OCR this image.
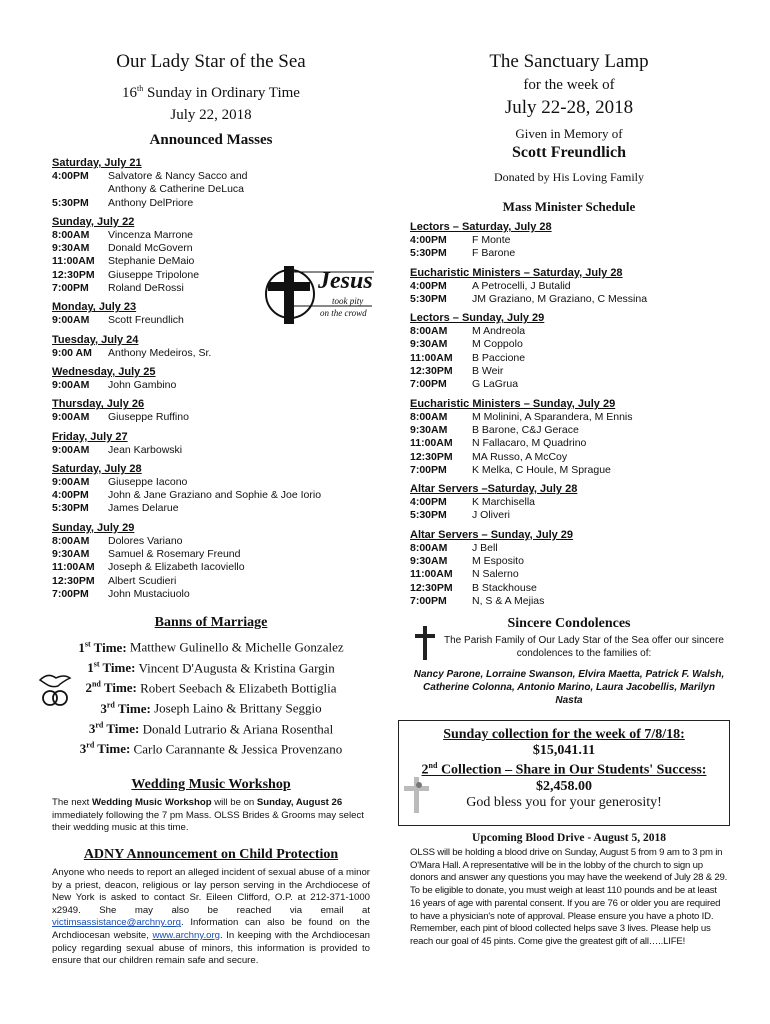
Our Lady Star of the Sea

16th Sunday in Ordinary Time

July 22, 2018

Announced Masses

Saturday, July 21
4:00PM	Salvatore & Nancy Sacco and
Anthony & Catherine DeLuca
5:30PM	Anthony DelPriore
Sunday, July 22
8:00AM	Vincenza Marrone
9:30AM	Donald McGovern
11:00AM	Stephanie DeMaio
12:30PM	Giuseppe Tripolone
7:00PM	Roland DeRossi
Monday, July 23
9:00AM	Scott Freundlich
Tuesday, July 24
9:00 AM	Anthony Medeiros, Sr.
Wednesday, July 25
9:00AM	John Gambino
Thursday, July 26
9:00AM	Giuseppe Ruffino
Friday, July 27
9:00AM	Jean Karbowski
Saturday, July 28
9:00AM	Giuseppe Iacono
4:00PM	John & Jane Graziano and Sophie & Joe Iorio
5:30PM	James Delarue
Sunday, July 29
8:00AM	Dolores Variano
9:30AM	Samuel & Rosemary Freund
11:00AM	Joseph & Elizabeth Iacoviello
12:30PM	Albert Scudieri
7:00PM	John Mustaciuolo
Banns of Marriage
1st Time: Matthew Gulinello & Michelle Gonzalez
1st Time: Vincent D'Augusta & Kristina Gargin
2nd Time: Robert Seebach & Elizabeth Bottiglia
3rd Time: Joseph Laino & Brittany Seggio
3rd Time: Donald Lutrario & Ariana Rosenthal
3rd Time: Carlo Carannante & Jessica Provenzano
Wedding Music Workshop
The next Wedding Music Workshop will be on Sunday, August 26 immediately following the 7 pm Mass. OLSS Brides & Grooms may select their wedding music at this time.
ADNY Announcement on Child Protection
Anyone who needs to report an alleged incident of sexual abuse of a minor by a priest, deacon, religious or lay person serving in the Archdiocese of New York is asked to contact Sr. Eileen Clifford, O.P. at 212-371-1000 x2949. She may also be reached via email at victimsassistance@archny.org. Information can also be found on the Archdiocesan website, www.archny.org. In keeping with the Archdiocesan policy regarding sexual abuse of minors, this information is provided to ensure that our children remain safe and secure.
Jesus
took pity
on the crowd

The Sanctuary Lamp

for the week of

July 22-28, 2018

Given in Memory of

Scott Freundlich

Donated by His Loving Family

Mass Minister Schedule

Lectors – Saturday, July 28
4:00PM	F Monte
5:30PM	F Barone
Eucharistic Ministers – Saturday, July 28
4:00PM	A Petrocelli, J Butalid
5:30PM	JM Graziano, M Graziano, C Messina
Lectors – Sunday, July 29
8:00AM	M Andreola
9:30AM	M Coppolo
11:00AM	B Paccione
12:30PM	B Weir
7:00PM	G LaGrua
Eucharistic Ministers – Sunday, July 29
8:00AM	M Molinini, A Sparandera, M Ennis
9:30AM	B Barone, C&J Gerace
11:00AM	N Fallacaro, M Quadrino
12:30PM	MA Russo, A McCoy
7:00PM	K Melka, C Houle, M Sprague
Altar Servers –Saturday, July 28
4:00PM	K Marchisella
5:30PM	J Oliveri
Altar Servers – Sunday, July 29
8:00AM	J Bell
9:30AM	M Esposito
11:00AM	N Salerno
12:30PM	B Stackhouse
7:00PM	N, S & A Mejias
Sincere Condolences
The Parish Family of Our Lady Star of the Sea offer our sincere condolences to the families of:
Nancy Parone, Lorraine Swanson, Elvira Maetta, Patrick F. Walsh, Catherine Colonna, Antonio Marino, Laura Jacobellis, Marilyn Nasta
Sunday collection for the week of 7/8/18:
$15,041.11
2nd Collection – Share in Our Students' Success:
$2,458.00
God bless you for your generosity!
Upcoming Blood Drive - August 5, 2018
OLSS will be holding a blood drive on Sunday, August 5 from 9 am to 3 pm in O'Mara Hall. A representative will be in the lobby of the church to sign up donors and answer any questions you may have the weekend of July 28 & 29. To be eligible to donate, you must weigh at least 110 pounds and be at least 16 years of age with parental consent. If you are 76 or older you are required to have a physician's note of approval. Please ensure you have a photo ID. Remember, each pint of blood collected helps save 3 lives. Please help us reach our goal of 45 pints. Come give the greatest gift of all…..LIFE!
